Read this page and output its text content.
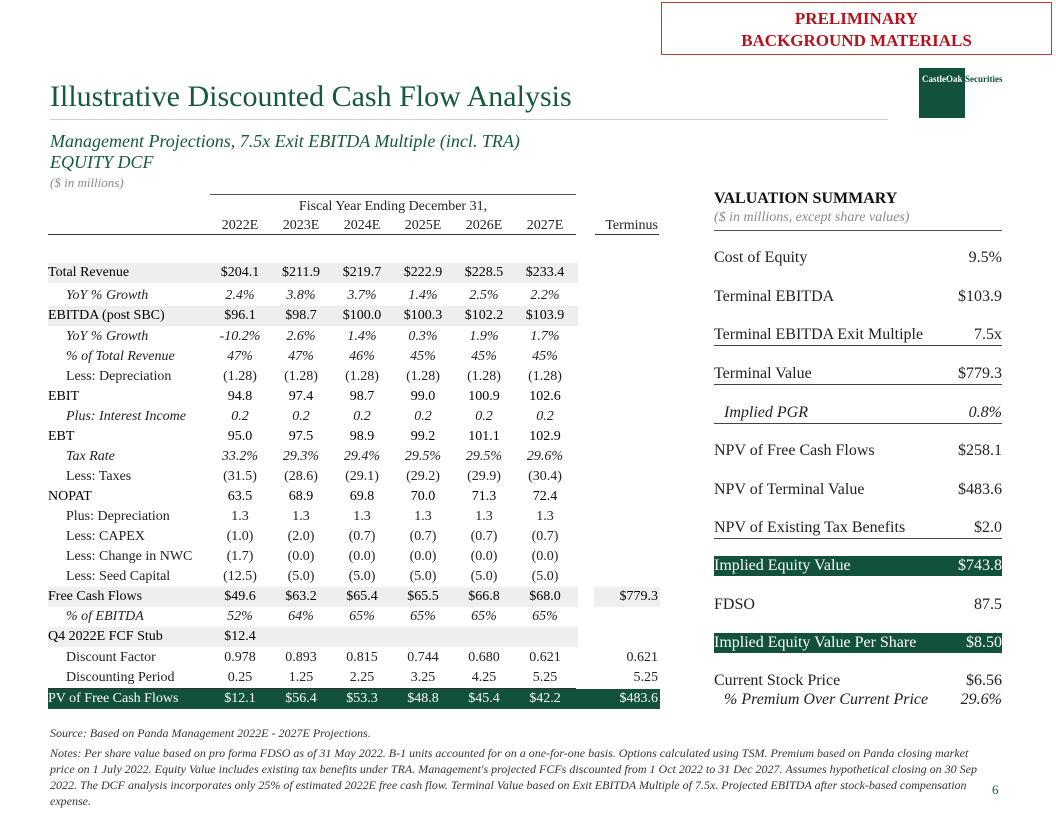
PRELIMINARY
BACKGROUND MATERIALS
CastleOak Securities
Illustrative Discounted Cash Flow Analysis
Management Projections, 7.5x Exit EBITDA Multiple (incl. TRA)
EQUITY DCF
($ in millions)
Fiscal Year Ending December 31,
2022E	2023E	2024E	2025E	2026E	2027E	Terminus
Total Revenue	$204.1	$211.9	$219.7	$222.9	$228.5	$233.4
YoY % Growth	2.4%	3.8%	3.7%	1.4%	2.5%	2.2%
EBITDA (post SBC)	$96.1	$98.7	$100.0	$100.3	$102.2	$103.9
YoY % Growth	-10.2%	2.6%	1.4%	0.3%	1.9%	1.7%
% of Total Revenue	47%	47%	46%	45%	45%	45%
Less: Depreciation	(1.28)	(1.28)	(1.28)	(1.28)	(1.28)	(1.28)
EBIT	94.8	97.4	98.7	99.0	100.9	102.6
Plus: Interest Income	0.2	0.2	0.2	0.2	0.2	0.2
EBT	95.0	97.5	98.9	99.2	101.1	102.9
Tax Rate	33.2%	29.3%	29.4%	29.5%	29.5%	29.6%
Less: Taxes	(31.5)	(28.6)	(29.1)	(29.2)	(29.9)	(30.4)
NOPAT	63.5	68.9	69.8	70.0	71.3	72.4
Plus: Depreciation	1.3	1.3	1.3	1.3	1.3	1.3
Less: CAPEX	(1.0)	(2.0)	(0.7)	(0.7)	(0.7)	(0.7)
Less: Change in NWC	(1.7)	(0.0)	(0.0)	(0.0)	(0.0)	(0.0)
Less: Seed Capital	(12.5)	(5.0)	(5.0)	(5.0)	(5.0)	(5.0)
Free Cash Flows	$49.6	$63.2	$65.4	$65.5	$66.8	$68.0	$779.3
% of EBITDA	52%	64%	65%	65%	65%	65%
Q4 2022E FCF Stub	$12.4
Discount Factor	0.978	0.893	0.815	0.744	0.680	0.621	0.621
Discounting Period	0.25	1.25	2.25	3.25	4.25	5.25	5.25
PV of Free Cash Flows	$12.1	$56.4	$53.3	$48.8	$45.4	$42.2	$483.6
VALUATION SUMMARY
($ in millions, except share values)
Cost of Equity	9.5%
Terminal EBITDA	$103.9
Terminal EBITDA Exit Multiple	7.5x
Terminal Value	$779.3
Implied PGR	0.8%
NPV of Free Cash Flows	$258.1
NPV of Terminal Value	$483.6
NPV of Existing Tax Benefits	$2.0
Implied Equity Value	$743.8
FDSO	87.5
Implied Equity Value Per Share	$8.50
Current Stock Price	$6.56
% Premium Over Current Price 29.6%
Source: Based on Panda Management 2022E - 2027E Projections.
Notes: Per share value based on pro forma FDSO as of 31 May 2022. B-1 units accounted for on a one-for-one basis. Options calculated using TSM. Premium based on Panda closing market price on 1 July 2022. Equity Value includes existing tax benefits under TRA. Management's projected FCFs discounted from 1 Oct 2022 to 31 Dec 2027. Assumes hypothetical closing on 30 Sep 2022. The DCF analysis incorporates only 25% of estimated 2022E free cash flow. Terminal Value based on Exit EBITDA Multiple of 7.5x. Projected EBITDA after stock-based compensation expense.
6
